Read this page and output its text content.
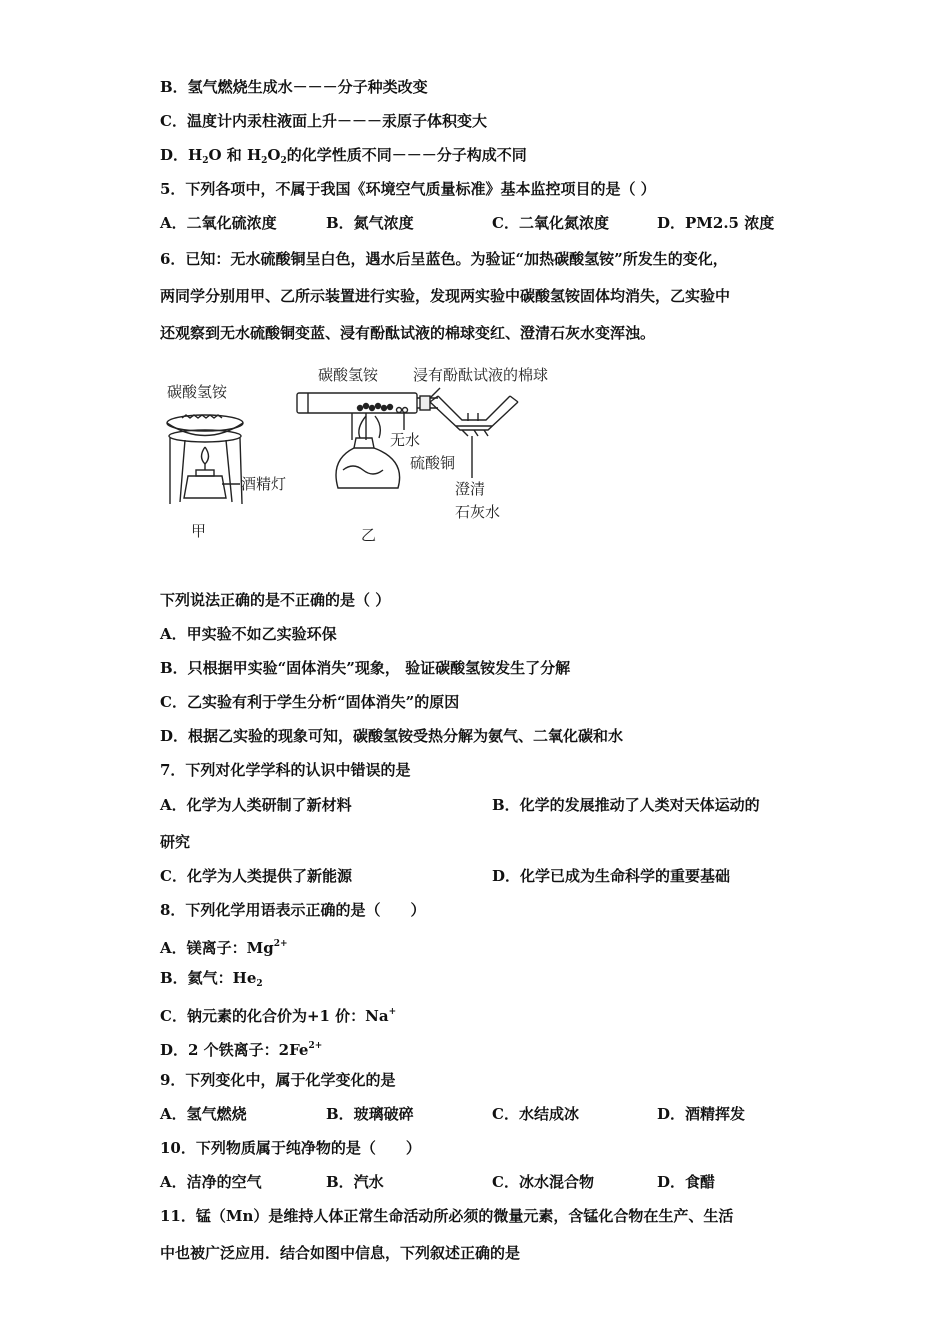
B．氢气燃烧生成水－－－分子种类改变
C．温度计内汞柱液面上升－－－汞原子体积变大
D．$H_2O$ 和 $H_2O_2$的化学性质不同－－－分子构成不同
5．下列各项中，不属于我国《环境空气质量标准》基本监控项目的是（ ）
A．二氧化硫浓度	B．氮气浓度	C．二氧化氮浓度	D．PM2.5 浓度
6．已知：无水硫酸铜呈白色，遇水后呈蓝色。为验证“加热碳酸氢铵”所发生的变化，
两同学分别用甲、乙所示装置进行实验，发现两实验中碳酸氢铵固体均消失，乙实验中
还观察到无水硫酸铜变蓝、浸有酚酞试液的棉球变红、澄清石灰水变浑浊。
碳酸氢铵
酒精灯
甲
碳酸氢铵 浸有酚酞试液的棉球
无水
硫酸铜
澄清
石灰水
乙
下列说法正确的是不正确的是（ ）
A．甲实验不如乙实验环保
B．只根据甲实验“固体消失”现象， 验证碳酸氢铵发生了分解
C．乙实验有利于学生分析“固体消失”的原因
D．根据乙实验的现象可知，碳酸氢铵受热分解为氨气、二氧化碳和水
7．下列对化学学科的认识中错误的是
A．化学为人类研制了新材料	B．化学的发展推动了人类对天体运动的
研究
C．化学为人类提供了新能源	D．化学已成为生命科学的重要基础
8．下列化学用语表示正确的是（　　）
A．镁离子：$Mg^{2+}$
B．氦气：$He_2$
C．钠元素的化合价为+1 价：Na+
D．2 个铁离子：$2Fe^{2+}$
9．下列变化中，属于化学变化的是
A．氢气燃烧	B．玻璃破碎	C．水结成冰	D．酒精挥发
10．下列物质属于纯净物的是（　　）
A．洁净的空气	B．汽水	C．冰水混合物	D．食醋
11．锰（Mn）是维持人体正常生命活动所必须的微量元素，含锰化合物在生产、生活
中也被广泛应用．结合如图中信息，下列叙述正确的是
